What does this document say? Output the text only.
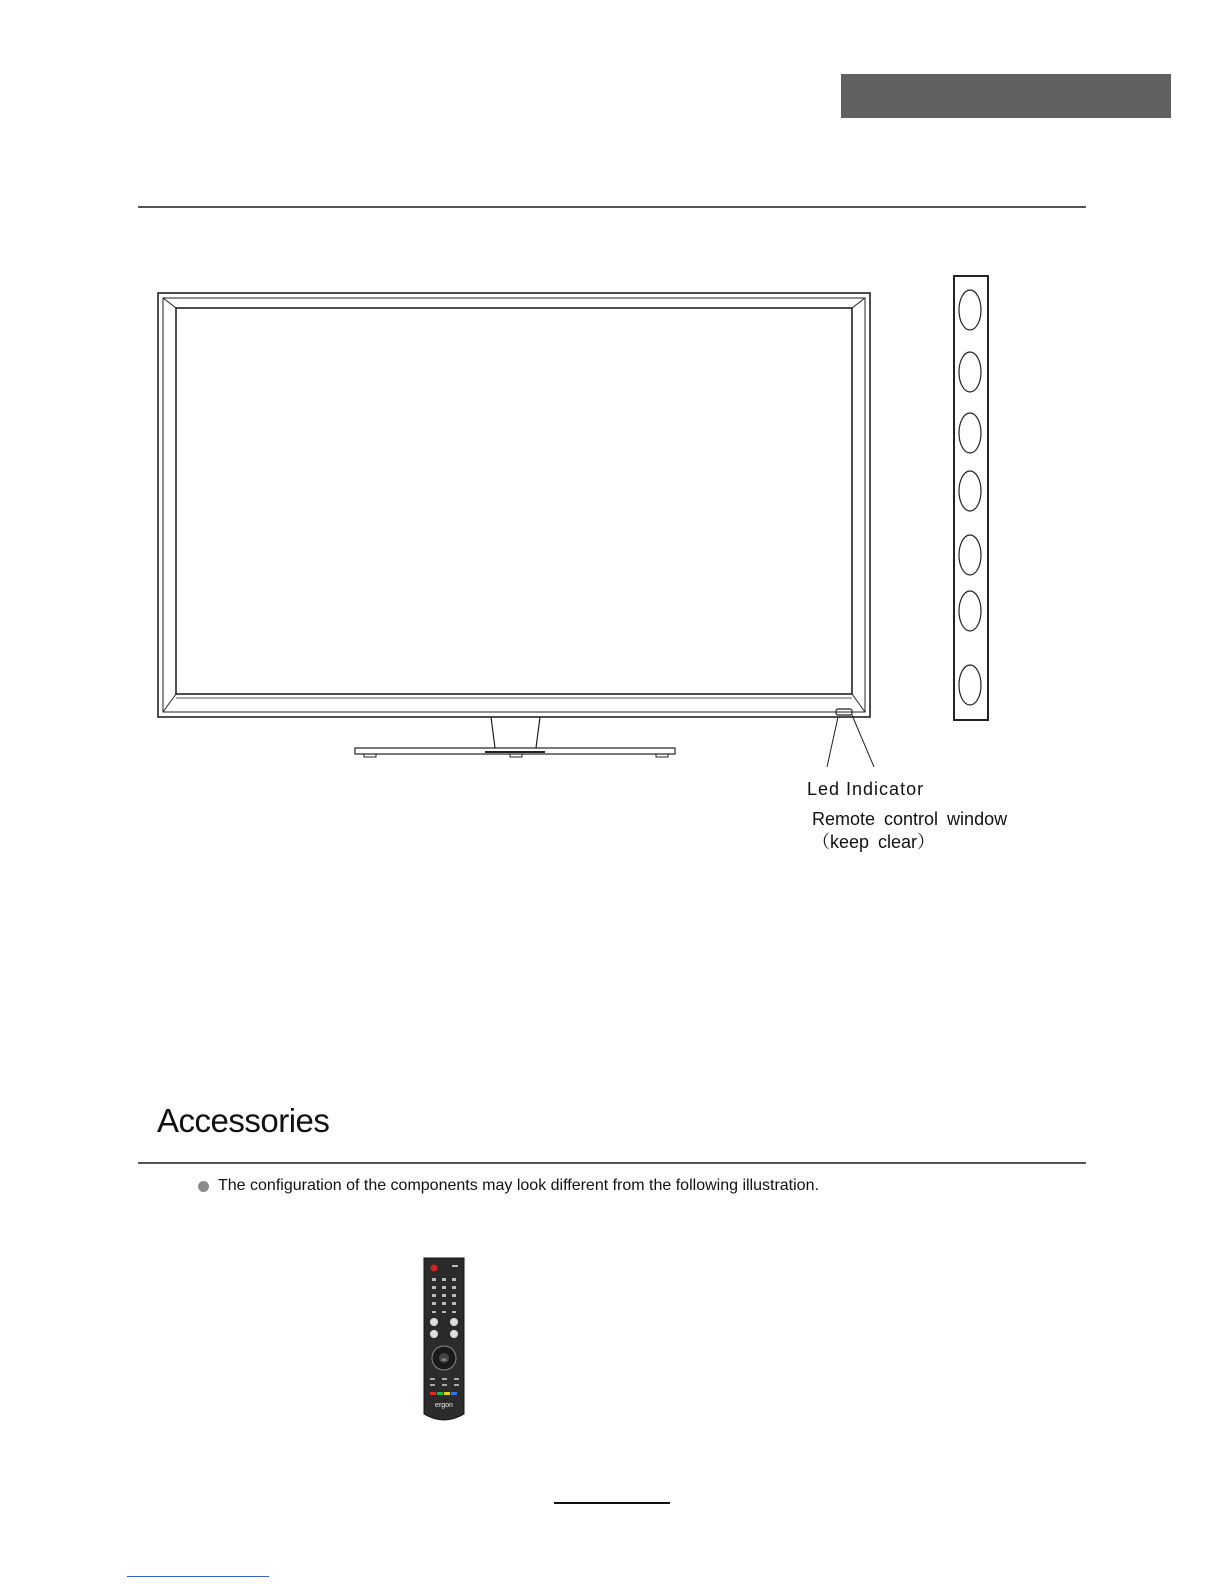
OK
ergon
Led Indicator
Remote control window
（keep clear）
Accessories
The configuration of the components may look different from the following illustration.
